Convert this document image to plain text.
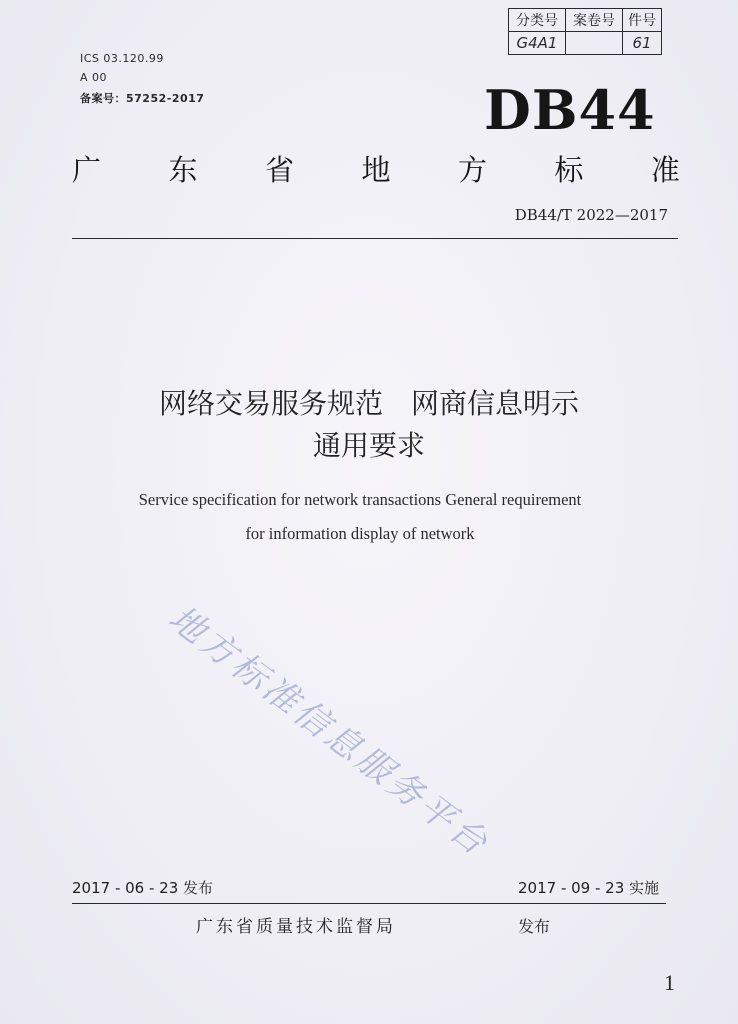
分类号	案卷号	件号
G4A1		61
ICS 03.120.99
A 00
备案号：57252-2017	DB44
广 东 省 地 方 标 准
DB44/T 2022—2017
网络交易服务规范　网商信息明示
通用要求
Service specification for network transactions General requirement
for information display of network
地方标准信息服务平台
2017 - 06 - 23 发布	2017 - 09 - 23 实施
广东省质量技术监督局	发布
1
